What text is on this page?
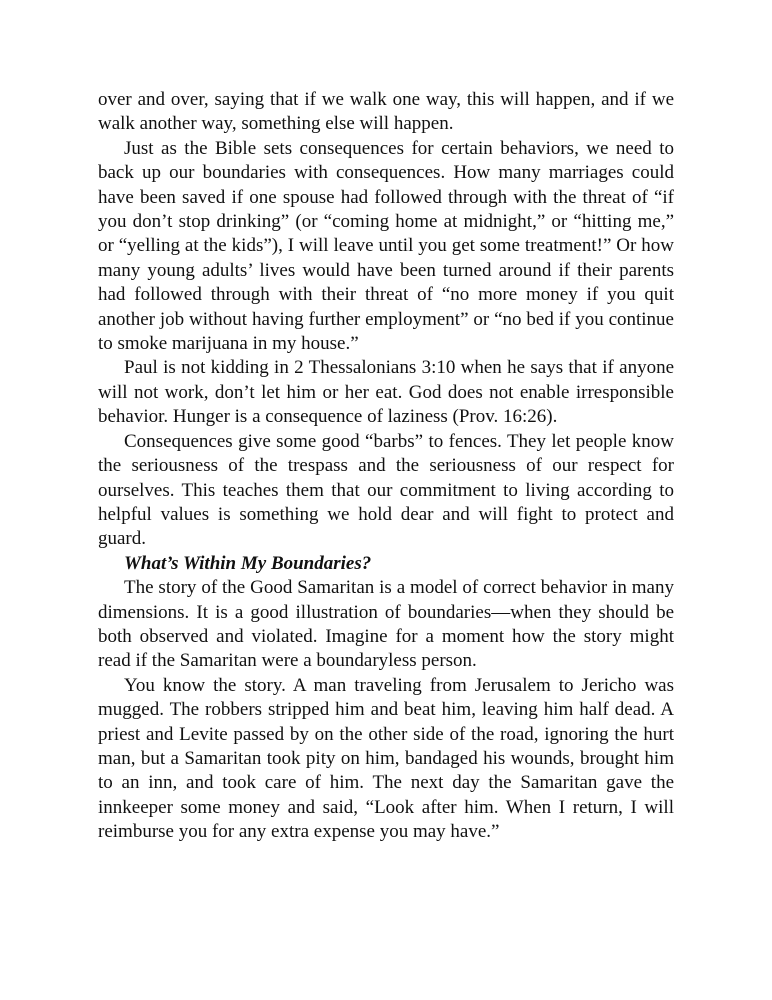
over and over, saying that if we walk one way, this will happen, and if we walk another way, something else will happen.

Just as the Bible sets consequences for certain behaviors, we need to back up our boundaries with consequences. How many marriages could have been saved if one spouse had followed through with the threat of “if you don’t stop drinking” (or “coming home at midnight,” or “hitting me,” or “yelling at the kids”), I will leave until you get some treatment!” Or how many young adults’ lives would have been turned around if their parents had followed through with their threat of “no more money if you quit another job without having further employment” or “no bed if you continue to smoke marijuana in my house.”

Paul is not kidding in 2 Thessalonians 3:10 when he says that if anyone will not work, don’t let him or her eat. God does not enable irresponsible behavior. Hunger is a consequence of laziness (Prov. 16:26).

Consequences give some good “barbs” to fences. They let people know the seriousness of the trespass and the seriousness of our respect for ourselves. This teaches them that our commitment to living according to helpful values is something we hold dear and will fight to protect and guard.

What’s Within My Boundaries?

The story of the Good Samaritan is a model of correct behavior in many dimensions. It is a good illustration of boundaries—when they should be both observed and violated. Imagine for a moment how the story might read if the Samaritan were a boundaryless person.

You know the story. A man traveling from Jerusalem to Jericho was mugged. The robbers stripped him and beat him, leaving him half dead. A priest and Levite passed by on the other side of the road, ignoring the hurt man, but a Samaritan took pity on him, bandaged his wounds, brought him to an inn, and took care of him. The next day the Samaritan gave the innkeeper some money and said, “Look after him. When I return, I will reimburse you for any extra expense you may have.”
